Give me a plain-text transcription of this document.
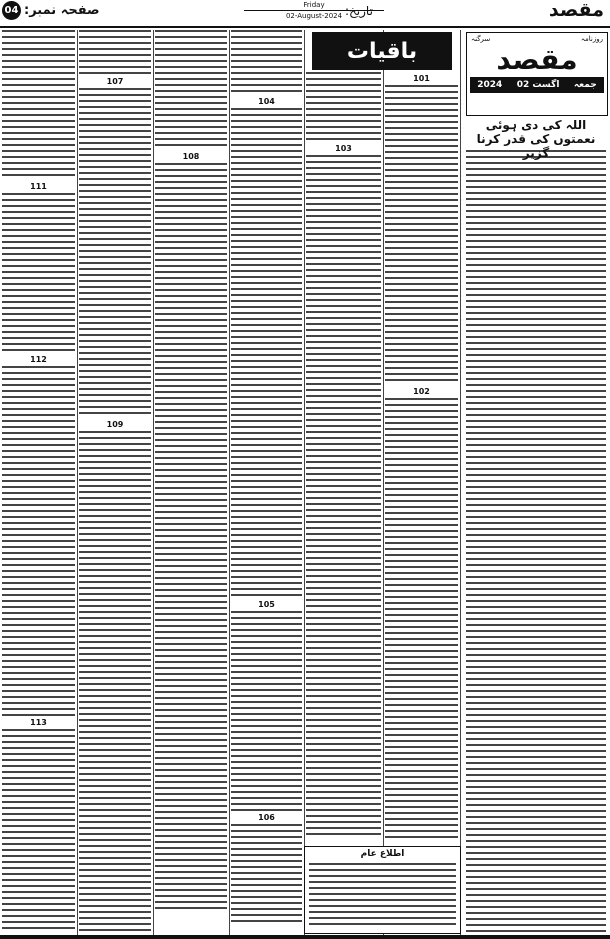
04 صفحہ نمبر:	Friday
02-August-2024 تاریخ:	مقصد
111
112
113
107
109
108
104
105
106
103
101
102
باقیات	سرگنہ	روزنامہ
مقصد
2024 02 اگست جمعہ
اللہ کی دی ہوئی نعمتوں کی قدر کرنا گزیر
اطلاع عام
